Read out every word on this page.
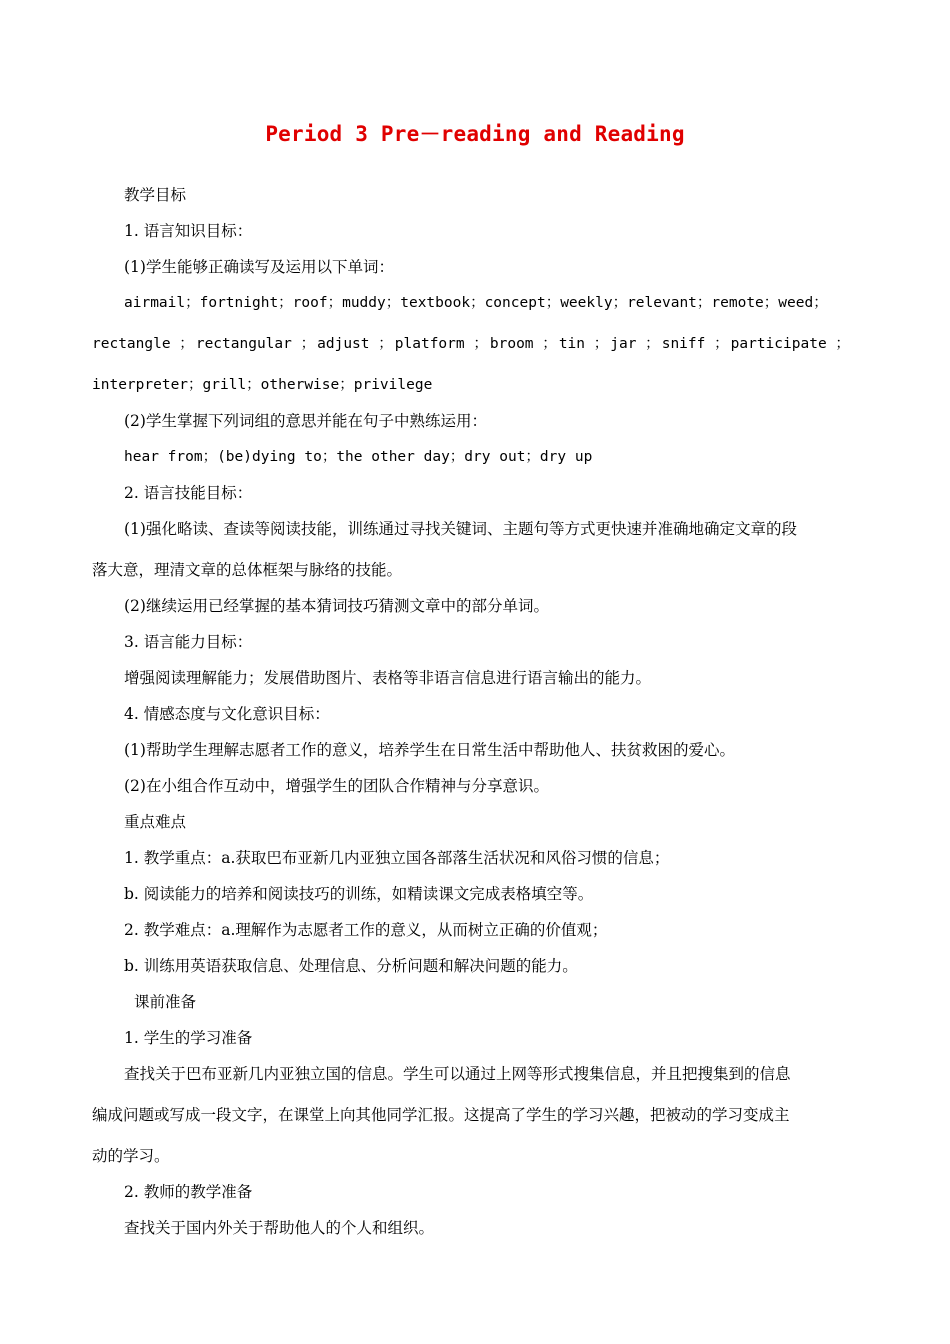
Period 3 Pre－reading and Reading
教学目标
1. 语言知识目标：
(1)学生能够正确读写及运用以下单词：
airmail；fortnight；roof；muddy；textbook；concept；weekly；relevant；remote；weed；
rectangle ； rectangular ； adjust ； platform ； broom ； tin ； jar ； sniff ； participate ；
interpreter；grill；otherwise；privilege
(2)学生掌握下列词组的意思并能在句子中熟练运用：
hear from；(be)dying to；the other day；dry out；dry up
2. 语言技能目标：
(1)强化略读、查读等阅读技能，训练通过寻找关键词、主题句等方式更快速并准确地确定文章的段
落大意，理清文章的总体框架与脉络的技能。
(2)继续运用已经掌握的基本猜词技巧猜测文章中的部分单词。
3. 语言能力目标：
增强阅读理解能力；发展借助图片、表格等非语言信息进行语言输出的能力。
4. 情感态度与文化意识目标：
(1)帮助学生理解志愿者工作的意义，培养学生在日常生活中帮助他人、扶贫救困的爱心。
(2)在小组合作互动中，增强学生的团队合作精神与分享意识。
重点难点
1. 教学重点：a.获取巴布亚新几内亚独立国各部落生活状况和风俗习惯的信息；
b. 阅读能力的培养和阅读技巧的训练，如精读课文完成表格填空等。
2. 教学难点：a.理解作为志愿者工作的意义，从而树立正确的价值观；
b. 训练用英语获取信息、处理信息、分析问题和解决问题的能力。
课前准备
1. 学生的学习准备
查找关于巴布亚新几内亚独立国的信息。学生可以通过上网等形式搜集信息，并且把搜集到的信息
编成问题或写成一段文字，在课堂上向其他同学汇报。这提高了学生的学习兴趣，把被动的学习变成主
动的学习。
2. 教师的教学准备
查找关于国内外关于帮助他人的个人和组织。
